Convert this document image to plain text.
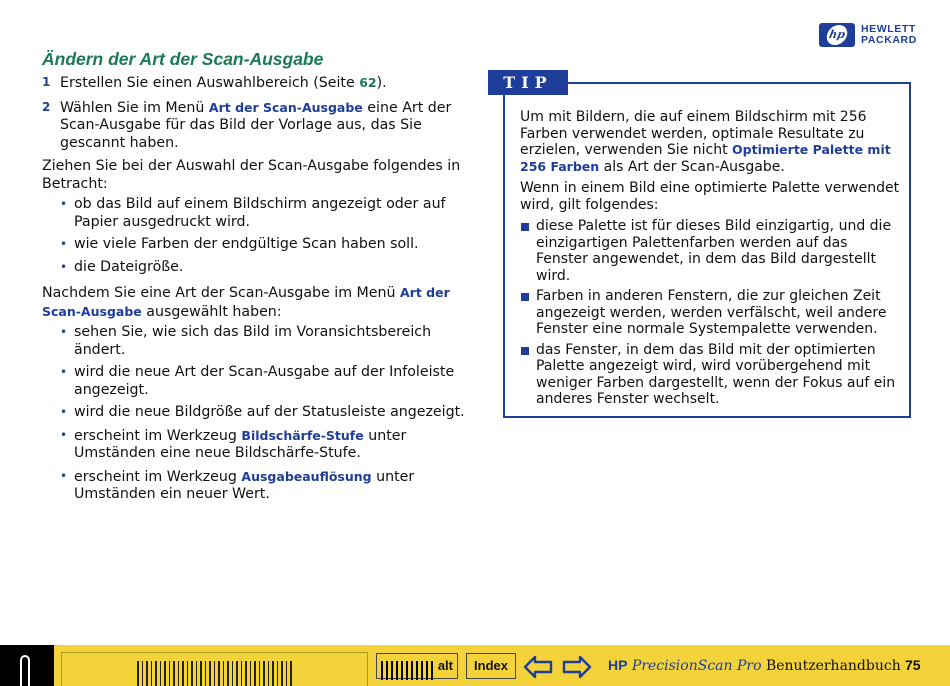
hp HEWLETT
PACKARD
Ändern der Art der Scan-Ausgabe
1 Erstellen Sie einen Auswahlbereich (Seite 62).
2 Wählen Sie im Menü Art der Scan-Ausgabe eine Art der Scan-Ausgabe für das Bild der Vorlage aus, das Sie gescannt haben.
Ziehen Sie bei der Auswahl der Scan-Ausgabe folgendes in Betracht:
• ob das Bild auf einem Bildschirm angezeigt oder auf Papier ausgedruckt wird.
• wie viele Farben der endgültige Scan haben soll.
• die Dateigröße.
Nachdem Sie eine Art der Scan-Ausgabe im Menü Art der Scan-Ausgabe ausgewählt haben:
• sehen Sie, wie sich das Bild im Voransichtsbereich ändert.
• wird die neue Art der Scan-Ausgabe auf der Infoleiste angezeigt.
• wird die neue Bildgröße auf der Statusleiste angezeigt.
• erscheint im Werkzeug Bildschärfe-Stufe unter Umständen eine neue Bildschärfe-Stufe.
• erscheint im Werkzeug Ausgabeauflösung unter Umständen ein neuer Wert.

Um mit Bildern, die auf einem Bildschirm mit 256 Farben verwendet werden, optimale Resultate zu erzielen, verwenden Sie nicht Optimierte Palette mit 256 Farben als Art der Scan-Ausgabe.

Wenn in einem Bild eine optimierte Palette verwendet wird, gilt folgendes:

diese Palette ist für dieses Bild einzigartig, und die einzigartigen Palettenfarben werden auf das Fenster angewendet, in dem das Bild dargestellt wird.
Farben in anderen Fenstern, die zur gleichen Zeit angezeigt werden, werden verfälscht, weil andere Fenster eine normale Systempalette verwenden.
das Fenster, in dem das Bild mit der optimierten Palette angezeigt wird, wird vorübergehend mit weniger Farben dargestellt, wenn der Fokus auf ein anderes Fenster wechselt.
TIP
alt	Index	HP PrecisionScan Pro Benutzerhandbuch 75
